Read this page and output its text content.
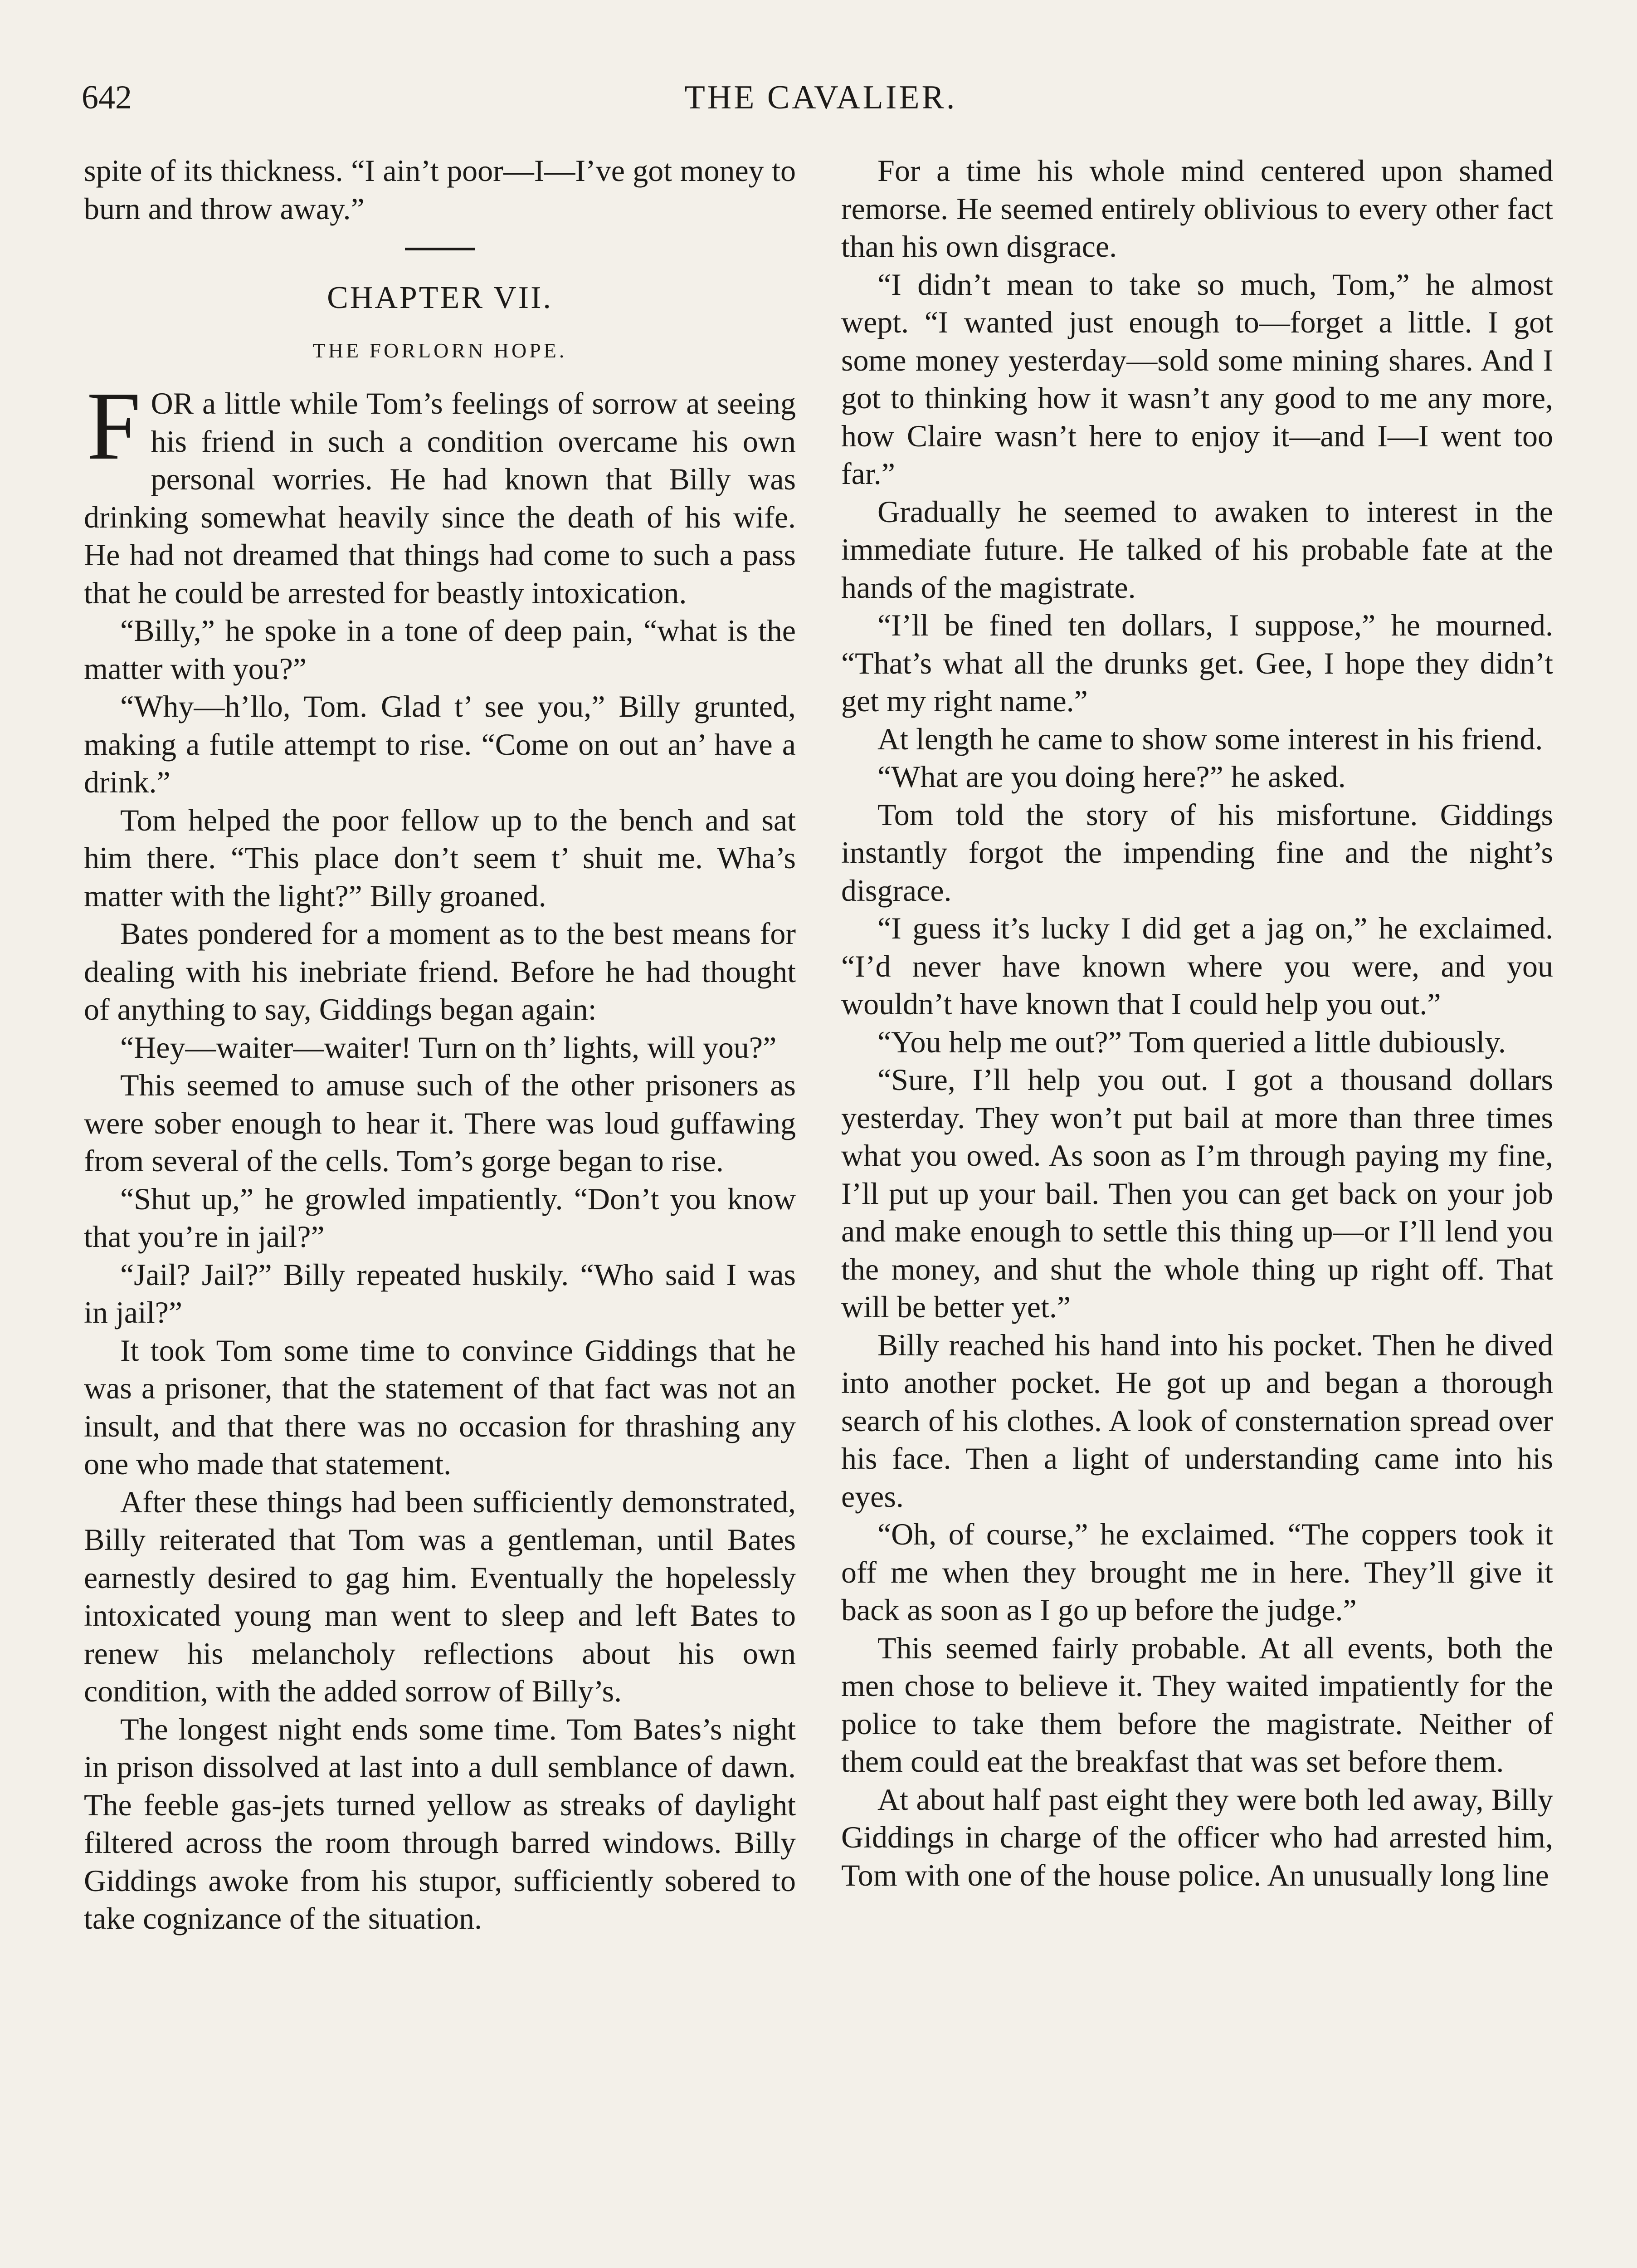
642	THE CAVALIER.

spite of its thickness. “I ain’t poor—I—I’ve got money to burn and throw away.”

CHAPTER VII.
THE FORLORN HOPE.

FOR a little while Tom’s feelings of sorrow at seeing his friend in such a condition overcame his own personal worries. He had known that Billy was drinking somewhat heavily since the death of his wife. He had not dreamed that things had come to such a pass that he could be arrested for beastly intoxication.

“Billy,” he spoke in a tone of deep pain, “what is the matter with you?”

“Why—h’llo, Tom. Glad t’ see you,” Billy grunted, making a futile attempt to rise. “Come on out an’ have a drink.”

Tom helped the poor fellow up to the bench and sat him there. “This place don’t seem t’ shuit me. Wha’s matter with the light?” Billy groaned.

Bates pondered for a moment as to the best means for dealing with his inebriate friend. Before he had thought of anything to say, Giddings began again:

“Hey—waiter—waiter! Turn on th’ lights, will you?”

This seemed to amuse such of the other prisoners as were sober enough to hear it. There was loud guffawing from several of the cells. Tom’s gorge began to rise.

“Shut up,” he growled impatiently. “Don’t you know that you’re in jail?”

“Jail? Jail?” Billy repeated huskily. “Who said I was in jail?”

It took Tom some time to convince Giddings that he was a prisoner, that the statement of that fact was not an insult, and that there was no occasion for thrashing any one who made that statement.

After these things had been sufficiently demonstrated, Billy reiterated that Tom was a gentleman, until Bates earnestly desired to gag him. Eventually the hopelessly intoxicated young man went to sleep and left Bates to renew his melancholy reflections about his own condition, with the added sorrow of Billy’s.

The longest night ends some time. Tom Bates’s night in prison dissolved at last into a dull semblance of dawn. The feeble gas-jets turned yellow as streaks of daylight filtered across the room through barred windows. Billy Giddings awoke from his stupor, sufficiently sobered to take cognizance of the situation.

For a time his whole mind centered upon shamed remorse. He seemed entirely oblivious to every other fact than his own disgrace.

“I didn’t mean to take so much, Tom,” he almost wept. “I wanted just enough to—forget a little. I got some money yesterday—sold some mining shares. And I got to thinking how it wasn’t any good to me any more, how Claire wasn’t here to enjoy it—and I—I went too far.”

Gradually he seemed to awaken to interest in the immediate future. He talked of his probable fate at the hands of the magistrate.

“I’ll be fined ten dollars, I suppose,” he mourned. “That’s what all the drunks get. Gee, I hope they didn’t get my right name.”

At length he came to show some interest in his friend.

“What are you doing here?” he asked.

Tom told the story of his misfortune. Giddings instantly forgot the impending fine and the night’s disgrace.

“I guess it’s lucky I did get a jag on,” he exclaimed. “I’d never have known where you were, and you wouldn’t have known that I could help you out.”

“You help me out?” Tom queried a little dubiously.

“Sure, I’ll help you out. I got a thousand dollars yesterday. They won’t put bail at more than three times what you owed. As soon as I’m through paying my fine, I’ll put up your bail. Then you can get back on your job and make enough to settle this thing up—or I’ll lend you the money, and shut the whole thing up right off. That will be better yet.”

Billy reached his hand into his pocket. Then he dived into another pocket. He got up and began a thorough search of his clothes. A look of consternation spread over his face. Then a light of understanding came into his eyes.

“Oh, of course,” he exclaimed. “The coppers took it off me when they brought me in here. They’ll give it back as soon as I go up before the judge.”

This seemed fairly probable. At all events, both the men chose to believe it. They waited impatiently for the police to take them before the magistrate. Neither of them could eat the breakfast that was set before them.

At about half past eight they were both led away, Billy Giddings in charge of the officer who had arrested him, Tom with one of the house police. An unusually long line
